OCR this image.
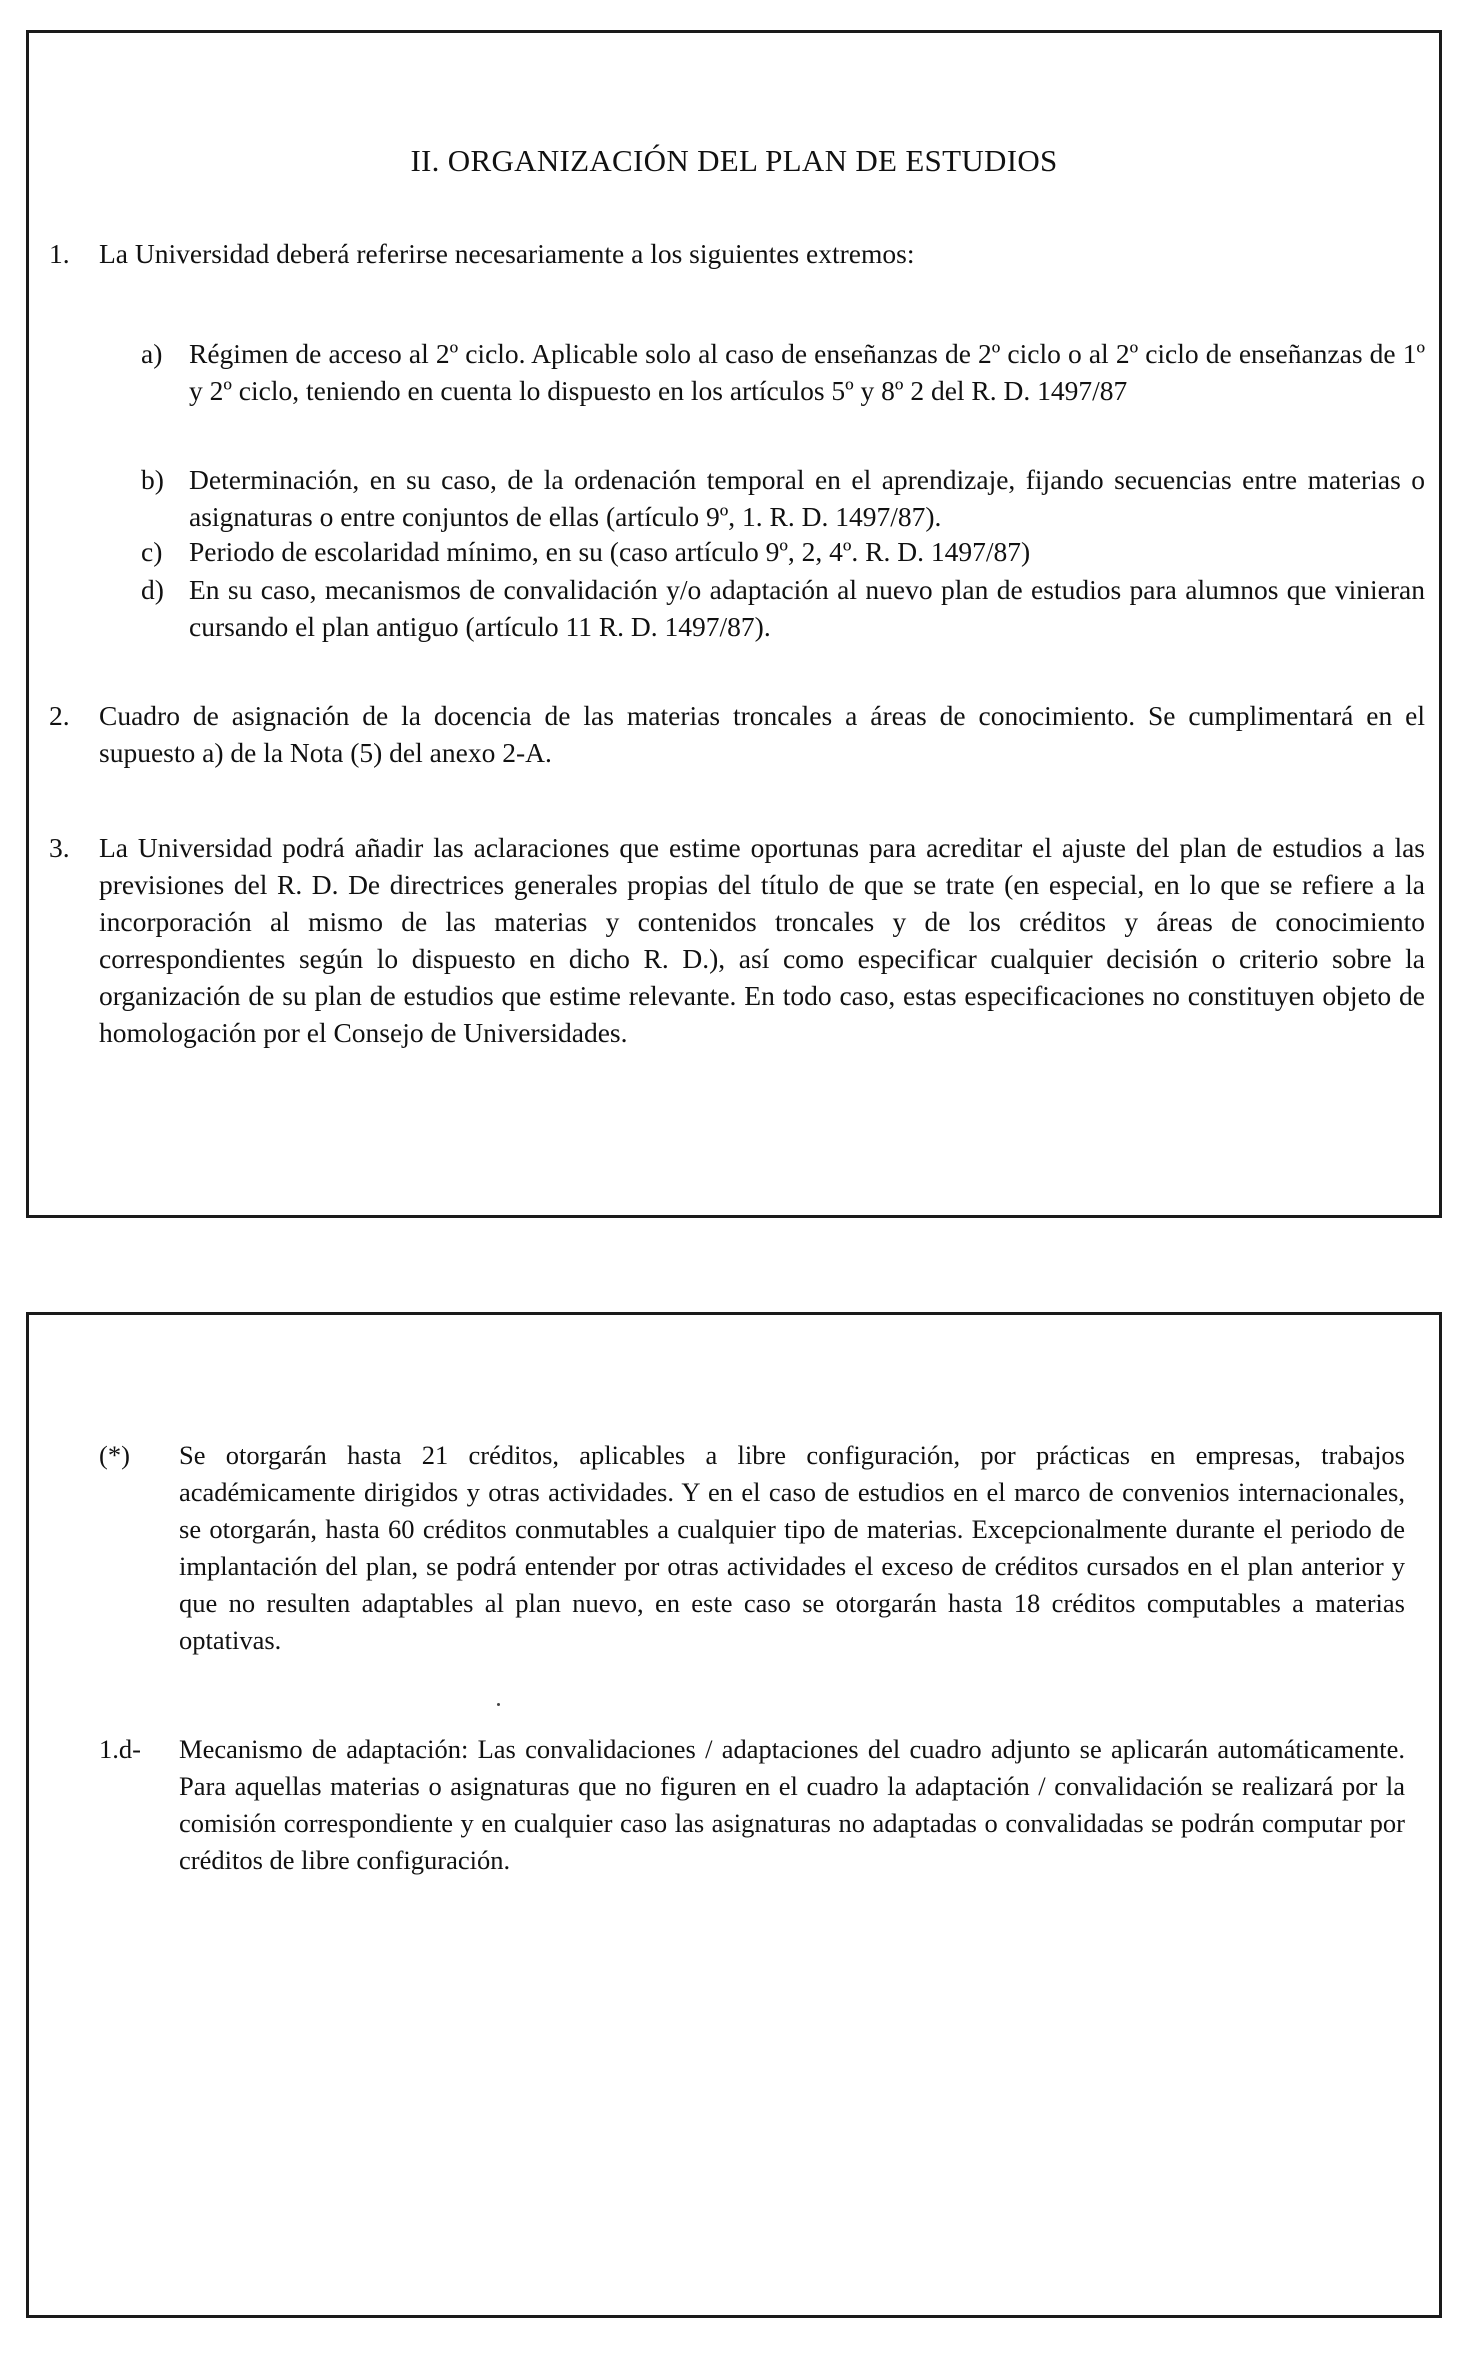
II. ORGANIZACIÓN DEL PLAN DE ESTUDIOS
1. La Universidad deberá referirse necesariamente a los siguientes extremos:

a) Régimen de acceso al 2º ciclo. Aplicable solo al caso de enseñanzas de 2º ciclo o al 2º ciclo de enseñanzas de 1º y 2º ciclo, teniendo en cuenta lo dispuesto en los artículos 5º y 8º 2 del R. D. 1497/87

b) Determinación, en su caso, de la ordenación temporal en el aprendizaje, fijando secuencias entre materias o asignaturas o entre conjuntos de ellas (artículo 9º, 1. R. D. 1497/87).

c) Periodo de escolaridad mínimo, en su (caso artículo 9º, 2, 4º. R. D. 1497/87)

d) En su caso, mecanismos de convalidación y/o adaptación al nuevo plan de estudios para alumnos que vinieran cursando el plan antiguo (artículo 11 R. D. 1497/87).

2. Cuadro de asignación de la docencia de las materias troncales a áreas de conocimiento. Se cumplimentará en el supuesto a) de la Nota (5) del anexo 2-A.

3. La Universidad podrá añadir las aclaraciones que estime oportunas para acreditar el ajuste del plan de estudios a las previsiones del R. D. De directrices generales propias del título de que se trate (en especial, en lo que se refiere a la incorporación al mismo de las materias y contenidos troncales y de los créditos y áreas de conocimiento correspondientes según lo dispuesto en dicho R. D.), así como especificar cualquier decisión o criterio sobre la organización de su plan de estudios que estime relevante. En todo caso, estas especificaciones no constituyen objeto de homologación por el Consejo de Universidades.

(*) Se otorgarán hasta 21 créditos, aplicables a libre configuración, por prácticas en empresas, trabajos académicamente dirigidos y otras actividades. Y en el caso de estudios en el marco de convenios internacionales, se otorgarán, hasta 60 créditos conmutables a cualquier tipo de materias. Excepcionalmente durante el periodo de implantación del plan, se podrá entender por otras actividades el exceso de créditos cursados en el plan anterior y que no resulten adaptables al plan nuevo, en este caso se otorgarán hasta 18 créditos computables a materias optativas.

1.d- Mecanismo de adaptación: Las convalidaciones / adaptaciones del cuadro adjunto se aplicarán automáticamente. Para aquellas materias o asignaturas que no figuren en el cuadro la adaptación / convalidación se realizará por la comisión correspondiente y en cualquier caso las asignaturas no adaptadas o convalidadas se podrán computar por créditos de libre configuración.
